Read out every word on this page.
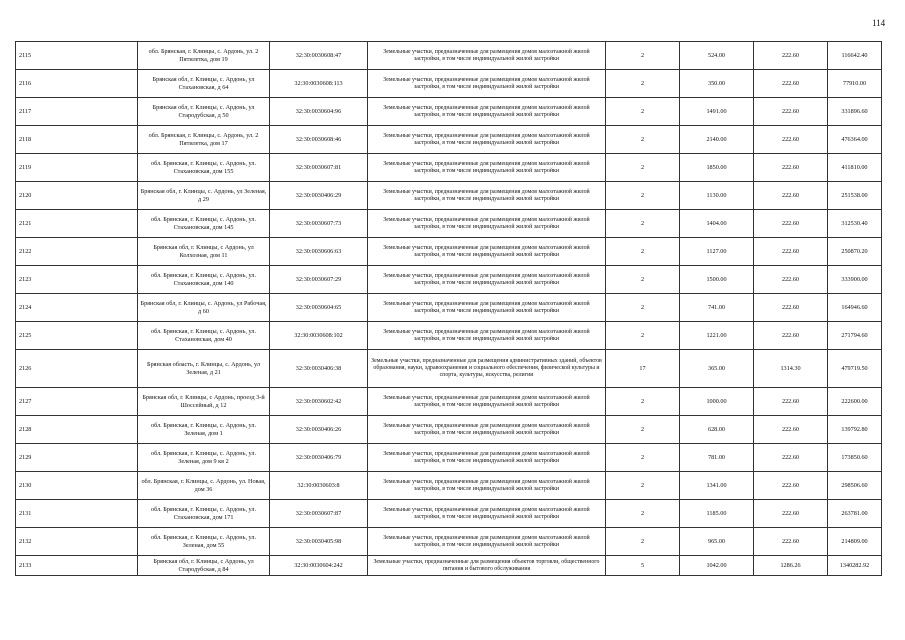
114
2115	обл. Брянская, г. Клинцы, с. Ардонь, ул. 2 Пятилетка, дом 19	32:30:0030608:47	Земельные участки, предназначенные для размещения домов малоэтажной жилой застройки, в том числе индивидуальной жилой застройки	2	524.00	222.60	116642.40
2116	Брянская обл, г. Клинцы, с. Ардонь, ул Стахановская, д 64	32:30:0030608:113	Земельные участки, предназначенные для размещения домов малоэтажной жилой застройки, в том числе индивидуальной жилой застройки	2	350.00	222.60	77910.00
2117	Брянская обл, г. Клинцы, с. Ардонь, ул Стародубская, д 50	32:30:0030604:96	Земельные участки, предназначенные для размещения домов малоэтажной жилой застройки, в том числе индивидуальной жилой застройки	2	1491.00	222.60	331896.60
2118	обл. Брянская, г. Клинцы, с. Ардонь, ул. 2 Пятилетка, дом 17	32:30:0030608:46	Земельные участки, предназначенные для размещения домов малоэтажной жилой застройки, в том числе индивидуальной жилой застройки	2	2140.00	222.60	476364.00
2119	обл. Брянская, г. Клинцы, с. Ардонь, ул. Стахановская, дом 155	32:30:0030607:81	Земельные участки, предназначенные для размещения домов малоэтажной жилой застройки, в том числе индивидуальной жилой застройки	2	1850.00	222.60	411810.00
2120	Брянская обл, г. Клинцы, с. Ардонь, ул Зеленая, д 29	32:30:0030406:29	Земельные участки, предназначенные для размещения домов малоэтажной жилой застройки, в том числе индивидуальной жилой застройки	2	1130.00	222.60	251538.00
2121	обл. Брянская, г. Клинцы, с. Ардонь, ул. Стахановская, дом 145	32:30:0030607:73	Земельные участки, предназначенные для размещения домов малоэтажной жилой застройки, в том числе индивидуальной жилой застройки	2	1404.00	222.60	312530.40
2122	Брянская обл, г. Клинцы, с Ардонь, ул Колхозная, дом 11	32:30:0030606:63	Земельные участки, предназначенные для размещения домов малоэтажной жилой застройки, в том числе индивидуальной жилой застройки	2	1127.00	222.60	250870.20
2123	обл. Брянская, г. Клинцы, с. Ардонь, ул. Стахановская, дом 140	32:30:0030607:29	Земельные участки, предназначенные для размещения домов малоэтажной жилой застройки, в том числе индивидуальной жилой застройки	2	1500.00	222.60	333900.00
2124	Брянская обл, г. Клинцы, с. Ардонь, ул Рабочая, д 60	32:30:0030604:65	Земельные участки, предназначенные для размещения домов малоэтажной жилой застройки, в том числе индивидуальной жилой застройки	2	741.00	222.60	164946.60
2125	обл. Брянская, г. Клинцы, с. Ардонь, ул. Стахановская, дом 40	32:30:0030608:102	Земельные участки, предназначенные для размещения домов малоэтажной жилой застройки, в том числе индивидуальной жилой застройки	2	1221.00	222.60	271794.60
2126	Брянская область, г. Клинцы, с. Ардонь, ул Зеленая, д 21	32:30:0030406:38	Земельные участки, предназначенные для размещения административных зданий, объектов образования, науки, здравоохранения и социального обеспечения, физической культуры и спорта, культуры, искусства, религии	17	365.00	1314.30	479719.50
2127	Брянская обл, г. Клинцы, с Ардонь, проезд 3-й Шоссейный, д 12	32:30:0030602:42	Земельные участки, предназначенные для размещения домов малоэтажной жилой застройки, в том числе индивидуальной жилой застройки	2	1000.00	222.60	222600.00
2128	обл. Брянская, г. Клинцы, с. Ардонь, ул. Зеленая, дом 1	32:30:0030406:26	Земельные участки, предназначенные для размещения домов малоэтажной жилой застройки, в том числе индивидуальной жилой застройки	2	628.00	222.60	139792.80
2129	обл. Брянская, г. Клинцы, с. Ардонь, ул. Зеленая, дом 9 кв 2	32:30:0030406:79	Земельные участки, предназначенные для размещения домов малоэтажной жилой застройки, в том числе индивидуальной жилой застройки	2	781.00	222.60	173850.60
2130	обл. Брянская, г. Клинцы, с. Ардонь, ул. Новая, дом 36	32:30:0030603:8	Земельные участки, предназначенные для размещения домов малоэтажной жилой застройки, в том числе индивидуальной жилой застройки	2	1341.00	222.60	298506.60
2131	обл. Брянская, г. Клинцы, с. Ардонь, ул. Стахановская, дом 171	32:30:0030607:87	Земельные участки, предназначенные для размещения домов малоэтажной жилой застройки, в том числе индивидуальной жилой застройки	2	1185.00	222.60	263781.00
2132	обл. Брянская, г. Клинцы, с. Ардонь, ул. Зеленая, дом 55	32:30:0030405:98	Земельные участки, предназначенные для размещения домов малоэтажной жилой застройки, в том числе индивидуальной жилой застройки	2	965.00	222.60	214809.00
2133	Брянская обл, г. Клинцы, с Ардонь, ул Стародубская, д 84	32:30:0030604:242	Земельные участки, предназначенные для размещения объектов торговли, общественного питания и бытового обслуживания	5	1042.00	1286.26	1340282.92
